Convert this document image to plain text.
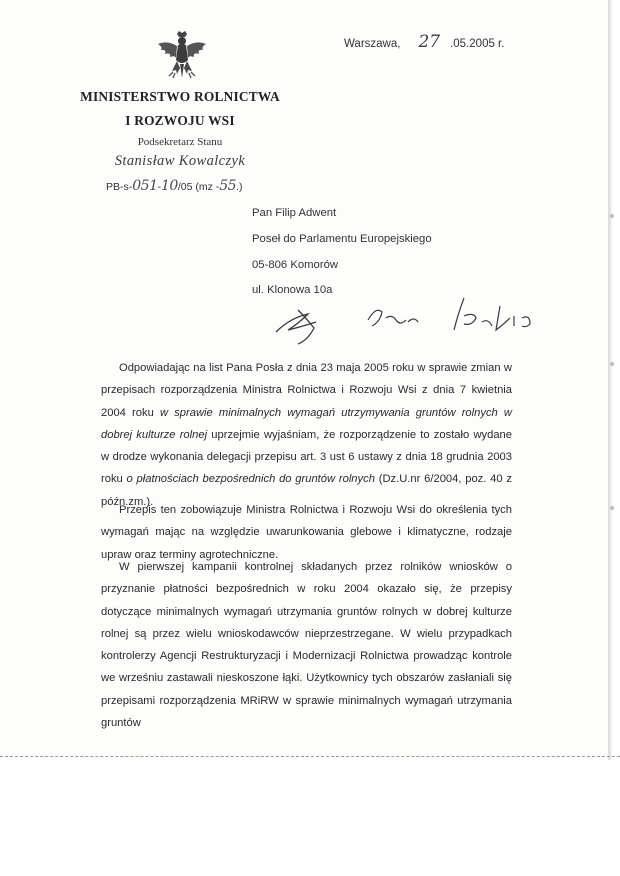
Warszawa, 27 .05.2005 r.
MINISTERSTWO ROLNICTWA
I ROZWOJU WSI
Podsekretarz Stanu
Stanisław Kowalczyk
PB-s-051-10/05 (mz -55.)
Pan Filip Adwent
Poseł do Parlamentu Europejskiego
05-806 Komorów
ul. Klonowa 10a

Odpowiadając na list Pana Posła z dnia 23 maja 2005 roku w sprawie zmian w przepisach rozporządzenia Ministra Rolnictwa i Rozwoju Wsi z dnia 7 kwietnia 2004 roku w sprawie minimalnych wymagań utrzymywania gruntów rolnych w dobrej kulturze rolnej uprzejmie wyjaśniam, że rozporządzenie to zostało wydane w drodze wykonania delegacji przepisu art. 3 ust 6 ustawy z dnia 18 grudnia 2003 roku o płatnościach bezpośrednich do gruntów rolnych (Dz.U.nr 6/2004, poz. 40 z późn.zm.).

Przepis ten zobowiązuje Ministra Rolnictwa i Rozwoju Wsi do określenia tych wymagań mając na względzie uwarunkowania glebowe i klimatyczne, rodzaje upraw oraz terminy agrotechniczne.

W pierwszej kampanii kontrolnej składanych przez rolników wniosków o przyznanie płatności bezpośrednich w roku 2004 okazało się, że przepisy dotyczące minimalnych wymagań utrzymania gruntów rolnych w dobrej kulturze rolnej są przez wielu wnioskodawców nieprzestrzegane. W wielu przypadkach kontrolerzy Agencji Restrukturyzacji i Modernizacji Rolnictwa prowadząc kontrole we wrześniu zastawali nieskoszone łąki. Użytkownicy tych obszarów zasłaniali się przepisami rozporządzenia MRiRW w sprawie minimalnych wymagań utrzymania gruntów
